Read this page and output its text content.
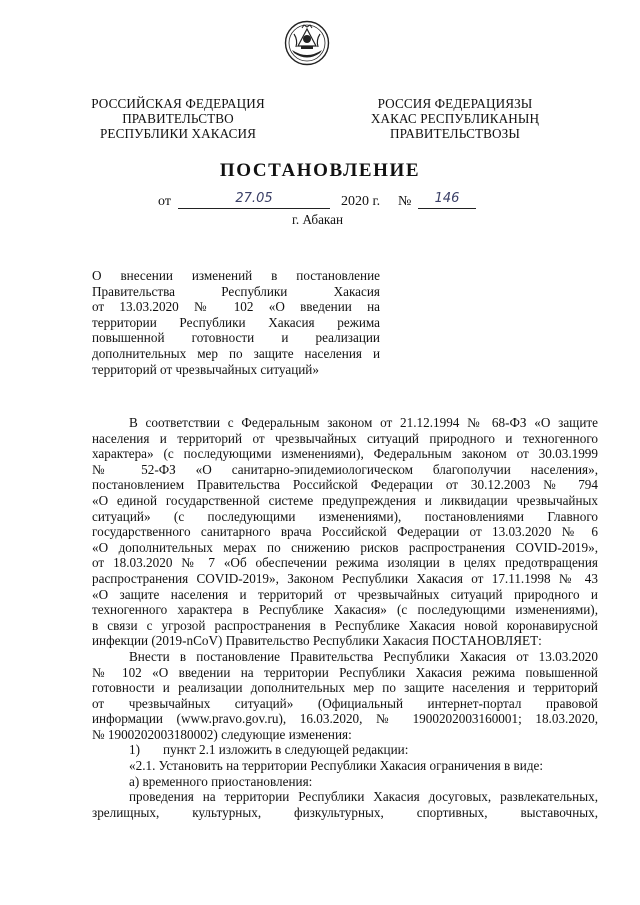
РОССИЙСКАЯ ФЕДЕРАЦИЯ
ПРАВИТЕЛЬСТВО
РЕСПУБЛИКИ ХАКАСИЯ
РОССИЯ ФЕДЕРАЦИЯЗЫ
ХАКАС РЕСПУБЛИКАНЫҢ
ПРАВИТЕЛЬСТВОЗЫ
ПОСТАНОВЛЕНИЕ
от	27.05	2020 г. №	146
г. Абакан
О внесении изменений в постановление
Правительства Республики Хакасия
от 13.03.2020 № 102 «О введении на
территории Республики Хакасия режима
повышенной готовности и реализации
дополнительных мер по защите населения и
территорий от чрезвычайных ситуаций»
В соответствии с Федеральным законом от 21.12.1994 № 68-ФЗ «О защите
населения и территорий от чрезвычайных ситуаций природного и техногенного
характера» (с последующими изменениями), Федеральным законом от 30.03.1999
№ 52-ФЗ «О санитарно-эпидемиологическом благополучии населения»,
постановлением Правительства Российской Федерации от 30.12.2003 № 794
«О единой государственной системе предупреждения и ликвидации чрезвычайных
ситуаций» (с последующими изменениями), постановлениями Главного
государственного санитарного врача Российской Федерации от 13.03.2020 № 6
«О дополнительных мерах по снижению рисков распространения COVID-2019»,
от 18.03.2020 № 7 «Об обеспечении режима изоляции в целях предотвращения
распространения COVID-2019», Законом Республики Хакасия от 17.11.1998 № 43
«О защите населения и территорий от чрезвычайных ситуаций природного и
техногенного характера в Республике Хакасия» (с последующими изменениями),
в связи с угрозой распространения в Республике Хакасия новой коронавирусной
инфекции (2019-nCoV) Правительство Республики Хакасия ПОСТАНОВЛЯЕТ:
Внести в постановление Правительства Республики Хакасия от 13.03.2020
№ 102 «О введении на территории Республики Хакасия режима повышенной
готовности и реализации дополнительных мер по защите населения и территорий
от чрезвычайных ситуаций» (Официальный интернет-портал правовой
информации (www.pravo.gov.ru), 16.03.2020, № 1900202003160001; 18.03.2020,
№ 1900202003180002) следующие изменения:
1) пункт 2.1 изложить в следующей редакции:
«2.1. Установить на территории Республики Хакасия ограничения в виде:
а) временного приостановления:
проведения на территории Республики Хакасия досуговых, развлекательных,
зрелищных, культурных, физкультурных, спортивных, выставочных,
